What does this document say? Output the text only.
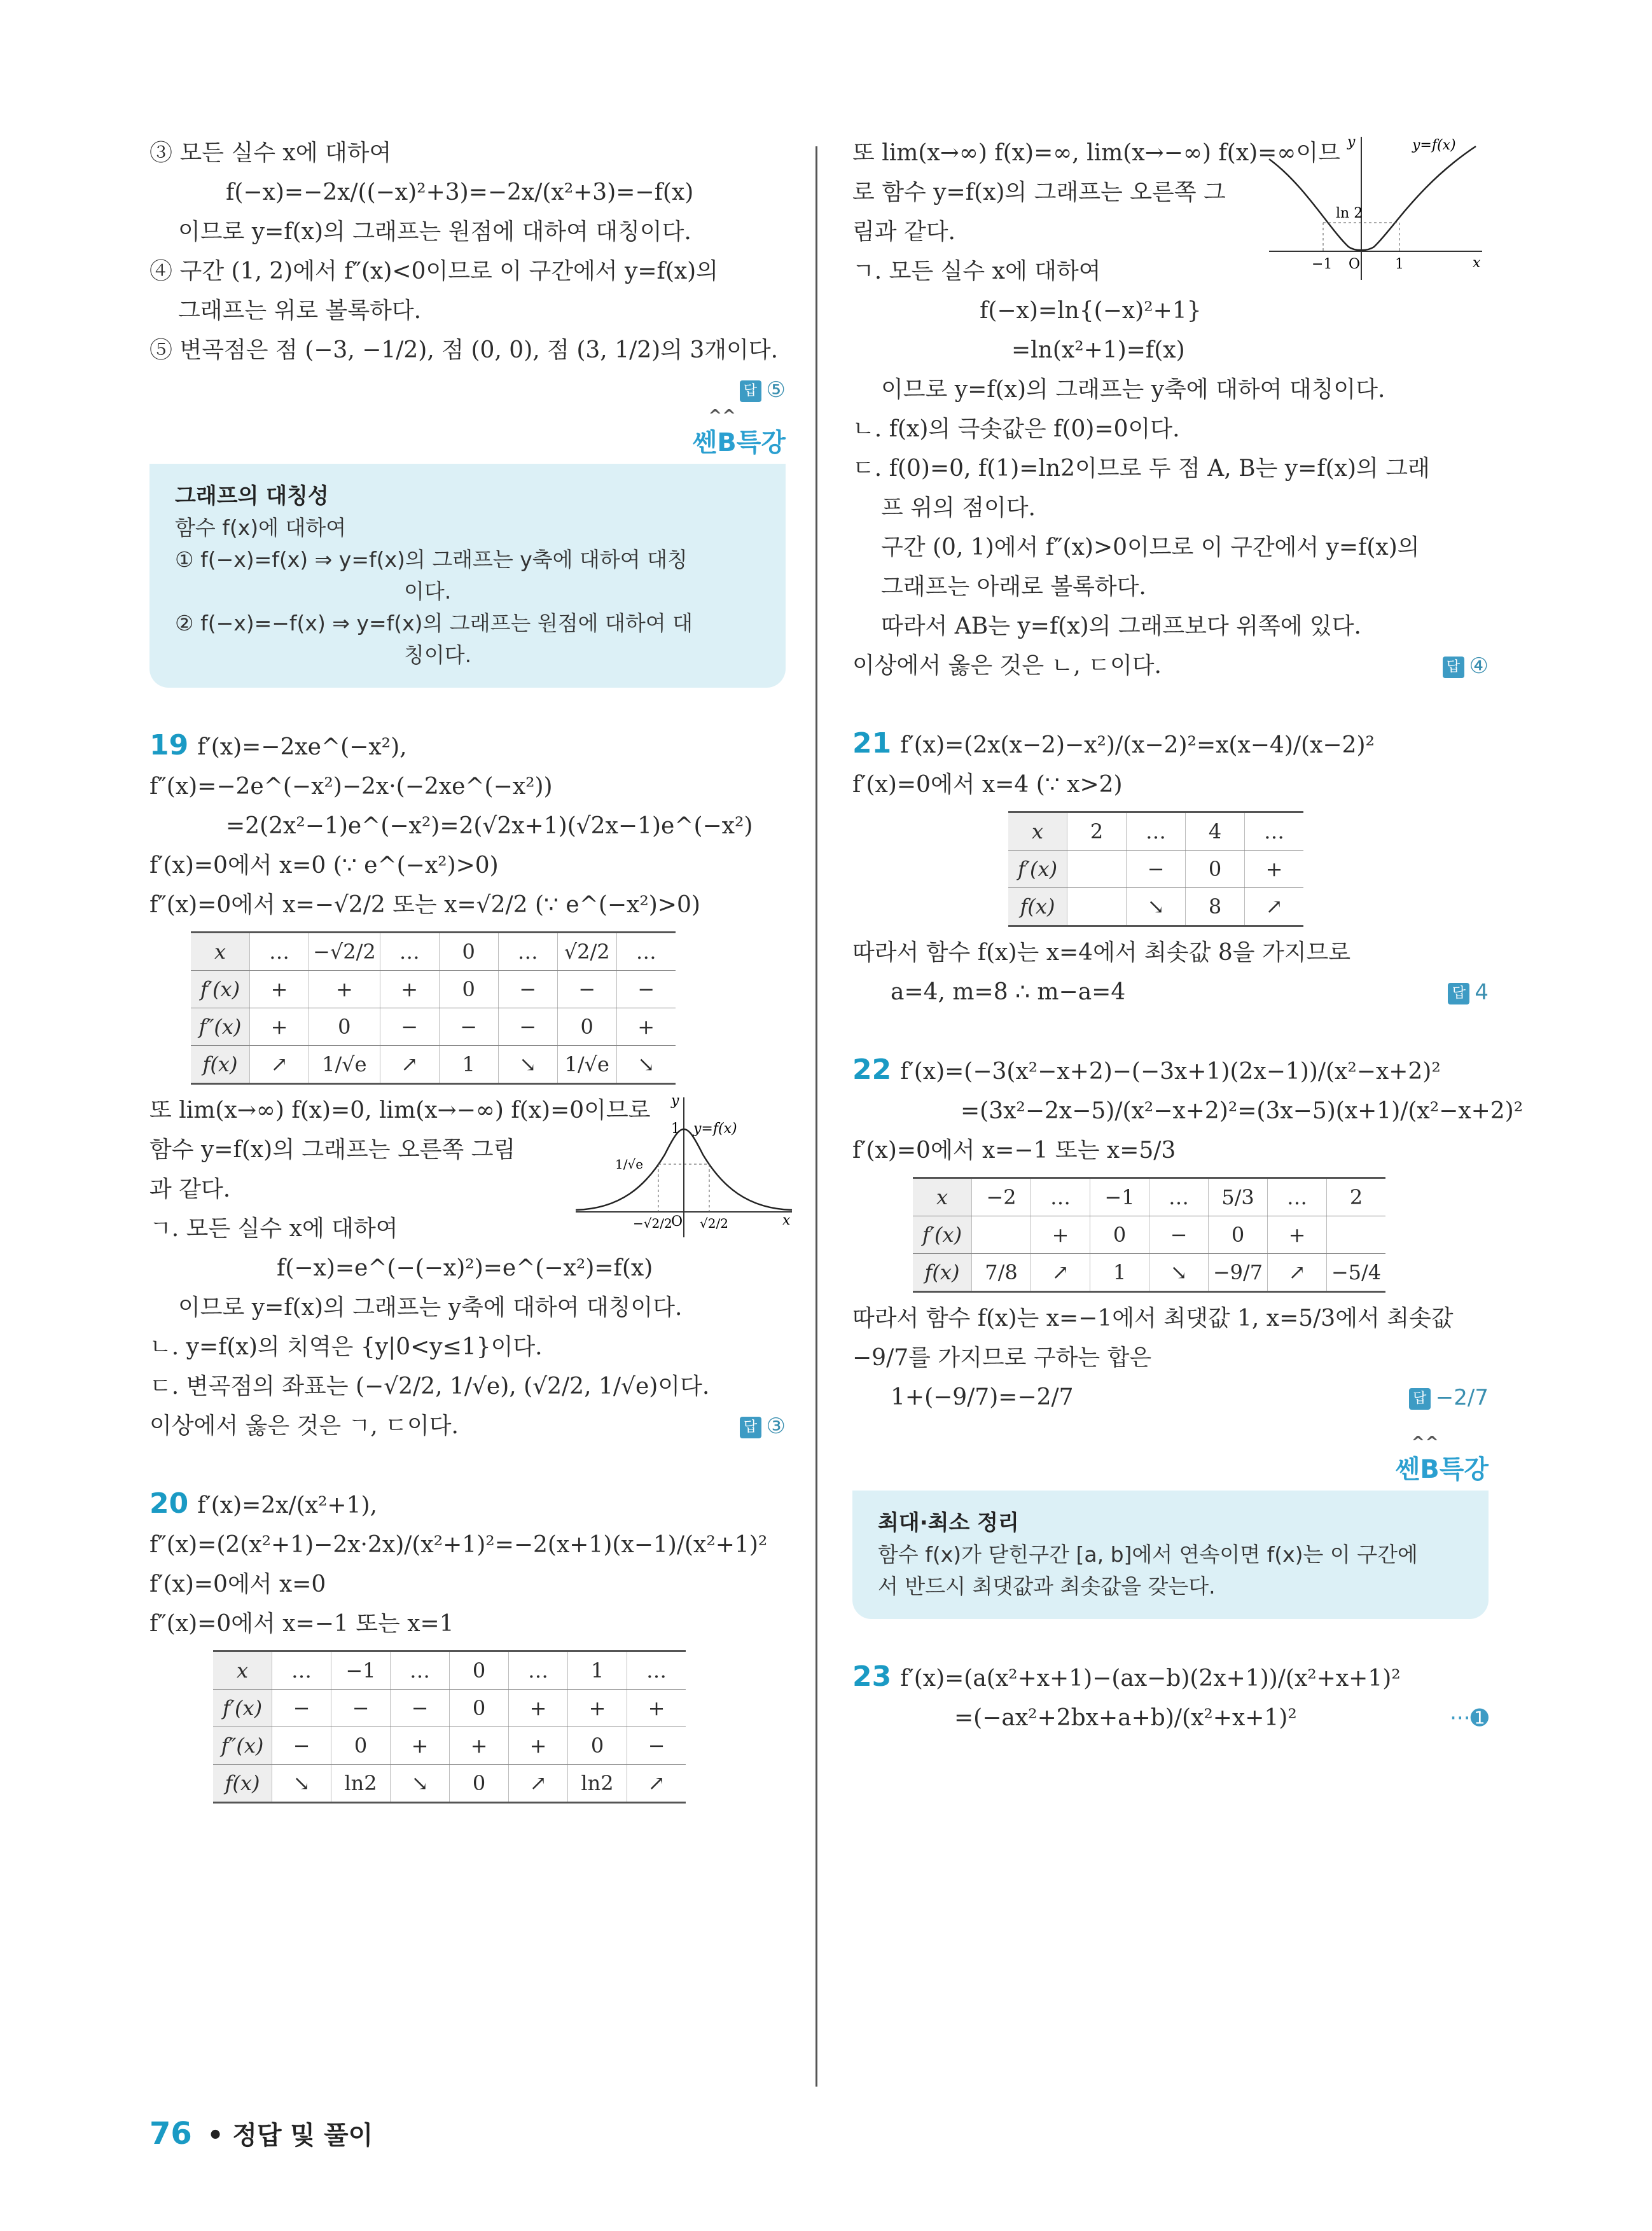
③ 모든 실수 x에 대하여
f(−x)=−2x/((−x)²+3)=−2x/(x²+3)=−f(x)
이므로 y=f(x)의 그래프는 원점에 대하여 대칭이다.
④ 구간 (1, 2)에서 f″(x)<0이므로 이 구간에서 y=f(x)의
그래프는 위로 볼록하다.
⑤ 변곡점은 점 (−3, −1/2), 점 (0, 0), 점 (3, 1/2)의 3개이다.
답 ⑤
^^
쎈B특강
그래프의 대칭성
함수 f(x)에 대하여
① f(−x)=f(x) ⇒ y=f(x)의 그래프는 y축에 대하여 대칭
이다.
② f(−x)=−f(x) ⇒ y=f(x)의 그래프는 원점에 대하여 대
칭이다.
19 f′(x)=−2xe^(−x²),
f″(x)=−2e^(−x²)−2x·(−2xe^(−x²))
=2(2x²−1)e^(−x²)=2(√2x+1)(√2x−1)e^(−x²)
f′(x)=0에서 x=0 (∵ e^(−x²)>0)
f″(x)=0에서 x=−√2/2 또는 x=√2/2 (∵ e^(−x²)>0)
x	…	−√2/2	…	0	…	√2/2	…
f′(x)	+	+	+	0	−	−	−
f″(x)	+	0	−	−	−	0	+
f(x)	↗	1/√e	↗	1	↘	1/√e	↘
y
1 y=f(x)
1/√e
−√2/2
O √2/2	x
또 lim(x→∞) f(x)=0, lim(x→−∞) f(x)=0이므로
함수 y=f(x)의 그래프는 오른쪽 그림
과 같다.
ㄱ. 모든 실수 x에 대하여
f(−x)=e^(−(−x)²)=e^(−x²)=f(x)
이므로 y=f(x)의 그래프는 y축에 대하여 대칭이다.
ㄴ. y=f(x)의 치역은 {y|0<y≤1}이다.
ㄷ. 변곡점의 좌표는 (−√2/2, 1/√e), (√2/2, 1/√e)이다.
이상에서 옳은 것은 ㄱ, ㄷ이다.	답 ③
20 f′(x)=2x/(x²+1),
f″(x)=(2(x²+1)−2x·2x)/(x²+1)²=−2(x+1)(x−1)/(x²+1)²
f′(x)=0에서 x=0
f″(x)=0에서 x=−1 또는 x=1
x	…	−1	…	0	…	1	…
f′(x)	−	−	−	0	+	+	+
f″(x)	−	0	+	+	+	0	−
f(x)	↘	ln2	↘	0	↗	ln2	↗
y	y=f(x)
ln 2
−1 O 1	x
또 lim(x→∞) f(x)=∞, lim(x→−∞) f(x)=∞이므
로 함수 y=f(x)의 그래프는 오른쪽 그
림과 같다.
ㄱ. 모든 실수 x에 대하여
f(−x)=ln{(−x)²+1}
=ln(x²+1)=f(x)
이므로 y=f(x)의 그래프는 y축에 대하여 대칭이다.
ㄴ. f(x)의 극솟값은 f(0)=0이다.
ㄷ. f(0)=0, f(1)=ln2이므로 두 점 A, B는 y=f(x)의 그래
프 위의 점이다.
구간 (0, 1)에서 f″(x)>0이므로 이 구간에서 y=f(x)의
그래프는 아래로 볼록하다.
따라서 AB는 y=f(x)의 그래프보다 위쪽에 있다.
이상에서 옳은 것은 ㄴ, ㄷ이다.	답 ④
21 f′(x)=(2x(x−2)−x²)/(x−2)²=x(x−4)/(x−2)²
f′(x)=0에서 x=4 (∵ x>2)
x	2	…	4	…
f′(x)		−	0	+
f(x)		↘	8	↗
따라서 함수 f(x)는 x=4에서 최솟값 8을 가지므로
a=4, m=8 ∴ m−a=4	답 4
22 f′(x)=(−3(x²−x+2)−(−3x+1)(2x−1))/(x²−x+2)²
=(3x²−2x−5)/(x²−x+2)²=(3x−5)(x+1)/(x²−x+2)²
f′(x)=0에서 x=−1 또는 x=5/3
x	−2	…	−1	…	5/3	…	2
f′(x)		+	0	−	0	+	
f(x)	7/8	↗	1	↘	−9/7	↗	−5/4
따라서 함수 f(x)는 x=−1에서 최댓값 1, x=5/3에서 최솟값
−9/7를 가지므로 구하는 합은
1+(−9/7)=−2/7	답 −2/7
^^
쎈B특강
최대·최소 정리
함수 f(x)가 닫힌구간 [a, b]에서 연속이면 f(x)는 이 구간에
서 반드시 최댓값과 최솟값을 갖는다.
23 f′(x)=(a(x²+x+1)−(ax−b)(2x+1))/(x²+x+1)²
=(−ax²+2bx+a+b)/(x²+x+1)²	···➊
76 • 정답 및 풀이
